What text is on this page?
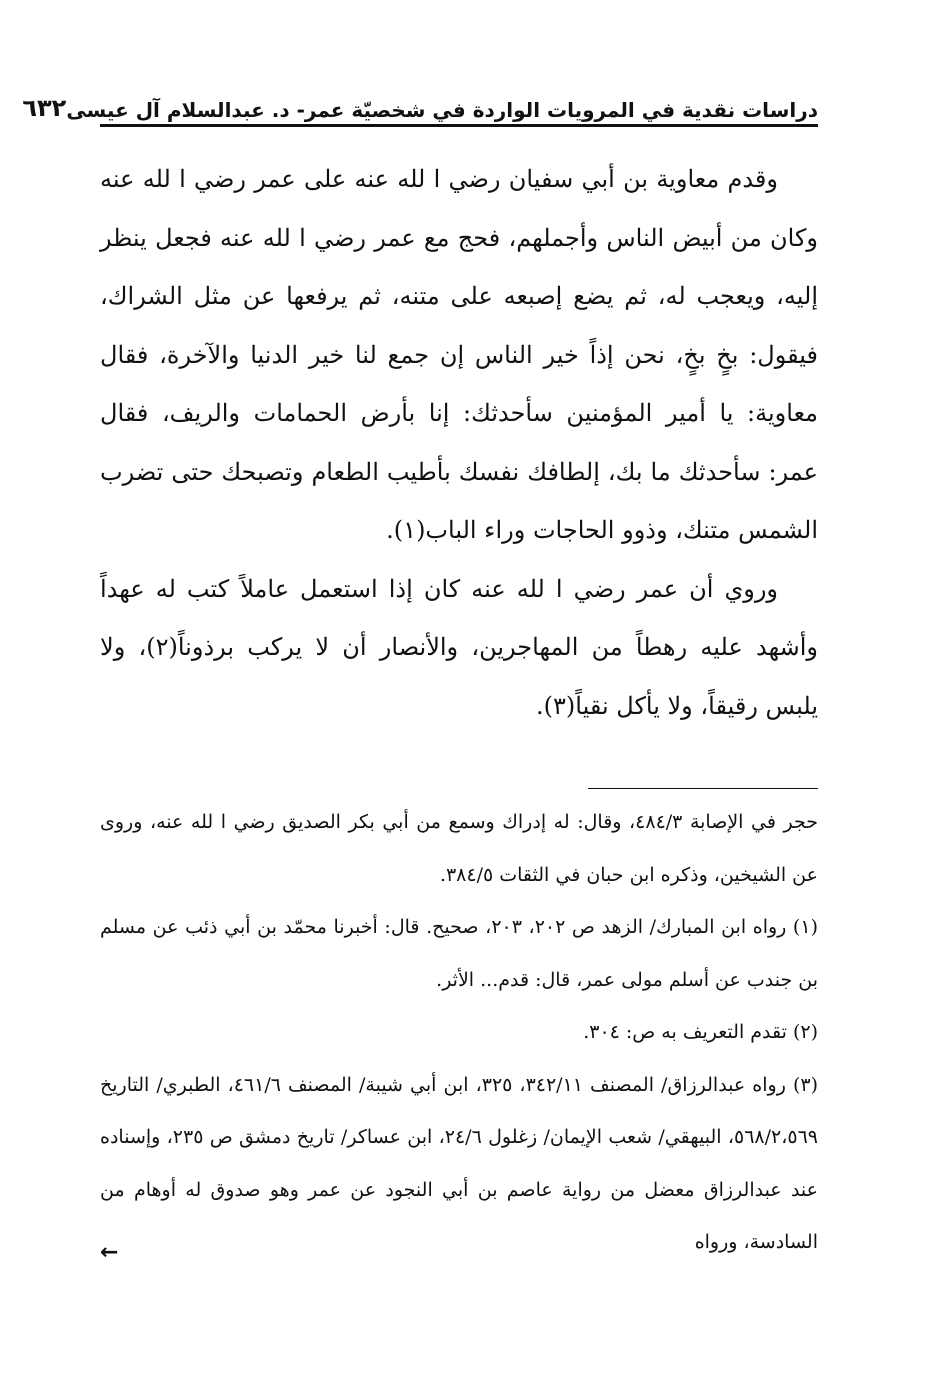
دراسات نقدية في المرويات الواردة في شخصيّة عمر- د. عبدالسلام آل عيسى
٦٣٢

وقدم معاوية بن أبي سفيان رضي ا لله عنه على عمر رضي ا لله عنه وكان من أبيض الناس وأجملهم، فحج مع عمر رضي ا لله عنه فجعل ينظر إليه، ويعجب له، ثم يضع إصبعه على متنه، ثم يرفعها عن مثل الشراك، فيقول: بخٍ بخٍ، نحن إذاً خير الناس إن جمع لنا خير الدنيا والآخرة، فقال معاوية: يا أمير المؤمنين سأحدثك: إنا بأرض الحمامات والريف، فقال عمر: سأحدثك ما بك، إلطافك نفسك بأطيب الطعام وتصبحك حتى تضرب الشمس متنك، وذوو الحاجات وراء الباب(١).

وروي أن عمر رضي ا لله عنه كان إذا استعمل عاملاً كتب له عهداً وأشهد عليه رهطاً من المهاجرين، والأنصار أن لا يركب برذوناً(٢)، ولا يلبس رقيقاً، ولا يأكل نقياً(٣).

حجر في الإصابة ٤٨٤/٣، وقال: له إدراك وسمع من أبي بكر الصديق رضي ا لله عنه، وروى عن الشيخين، وذكره ابن حبان في الثقات ٣٨٤/٥.

(١) رواه ابن المبارك/ الزهد ص ٢٠٢، ٢٠٣، صحيح. قال: أخبرنا محمّد بن أبي ذئب عن مسلم بن جندب عن أسلم مولى عمر، قال: قدم... الأثر.

(٢) تقدم التعريف به ص: ٣٠٤.

(٣) رواه عبدالرزاق/ المصنف ٣٤٢/١١، ٣٢٥، ابن أبي شيبة/ المصنف ٤٦١/٦، الطبري/ التاريخ ٥٦٨/٢،٥٦٩، البيهقي/ شعب الإيمان/ زغلول ٢٤/٦، ابن عساكر/ تاريخ دمشق ص ٢٣٥، وإسناده عند عبدالرزاق معضل من رواية عاصم بن أبي النجود عن عمر وهو صدوق له أوهام من السادسة، ورواه

←
